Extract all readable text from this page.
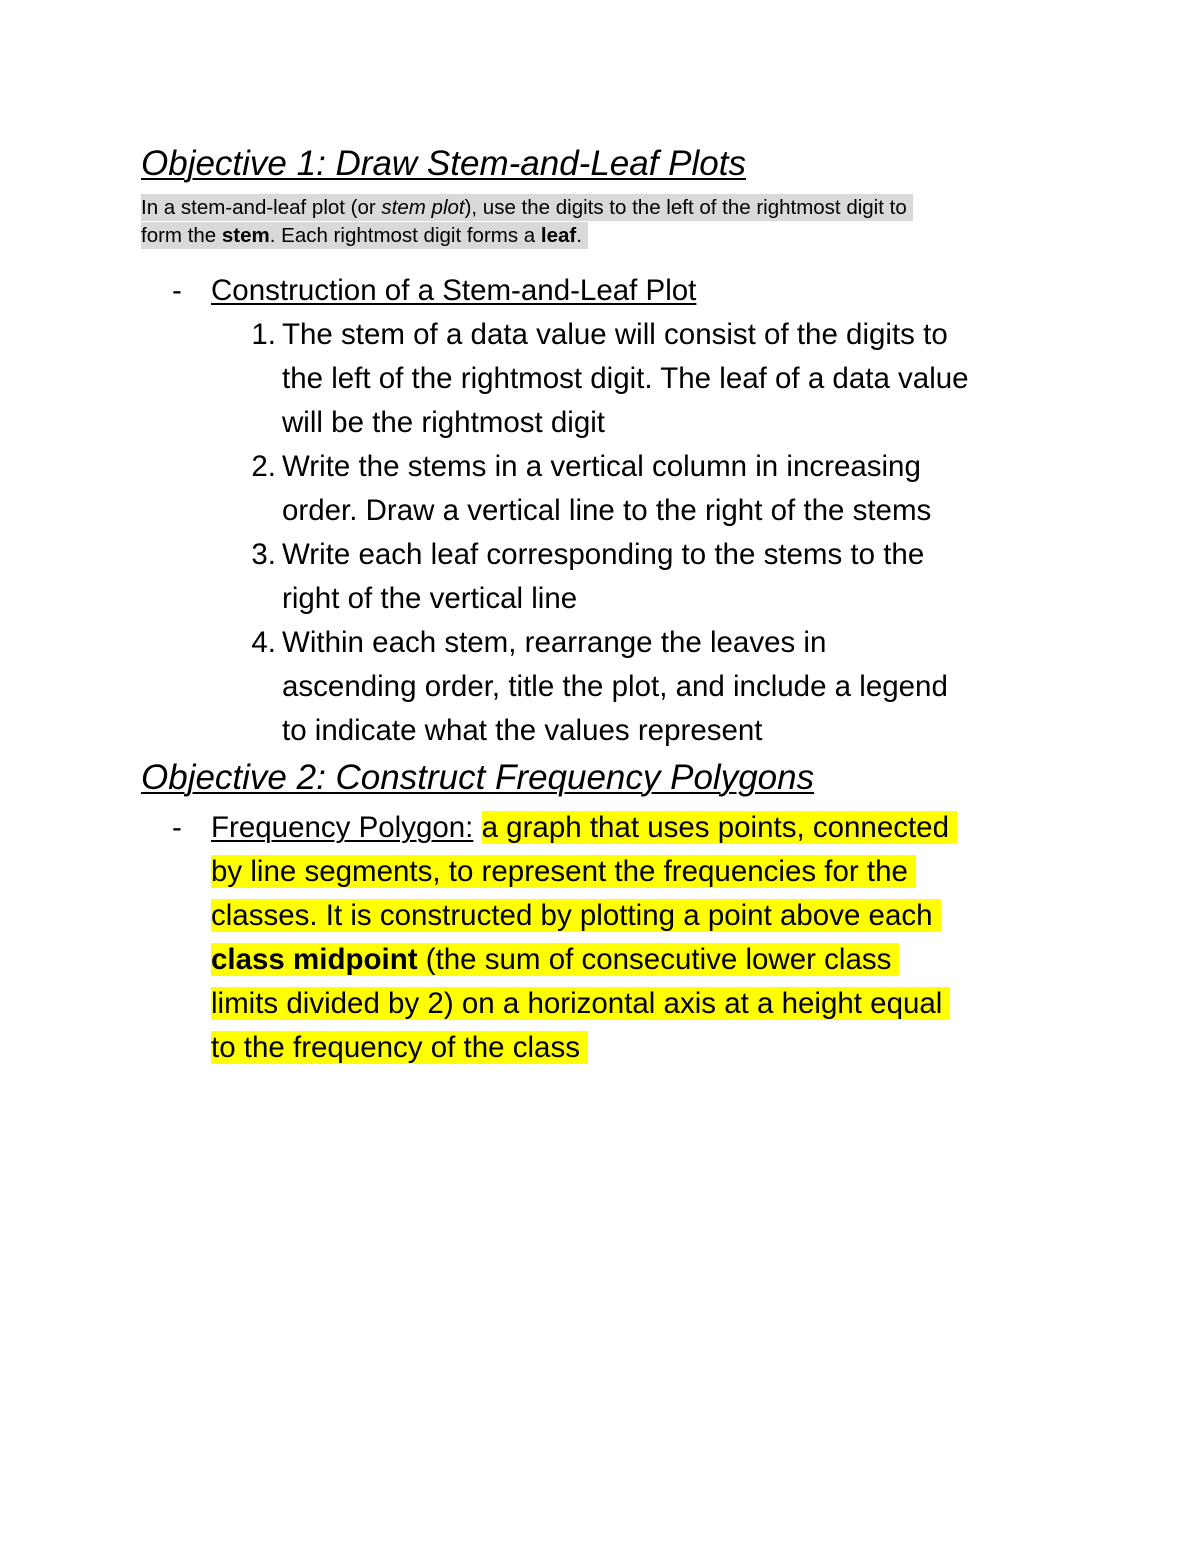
Objective 1: Draw Stem-and-Leaf Plots
In a stem-and-leaf plot (or stem plot), use the digits to the left of the rightmost digit to
form the stem. Each rightmost digit forms a leaf.
- Construction of a Stem-and-Leaf Plot
1. The stem of a data value will consist of the digits to
the left of the rightmost digit. The leaf of a data value
will be the rightmost digit
2. Write the stems in a vertical column in increasing
order. Draw a vertical line to the right of the stems
3. Write each leaf corresponding to the stems to the
right of the vertical line
4. Within each stem, rearrange the leaves in
ascending order, title the plot, and include a legend
to indicate what the values represent
Objective 2: Construct Frequency Polygons
- Frequency Polygon: a graph that uses points, connected
by line segments, to represent the frequencies for the
classes. It is constructed by plotting a point above each
class midpoint (the sum of consecutive lower class
limits divided by 2) on a horizontal axis at a height equal
to the frequency of the class
